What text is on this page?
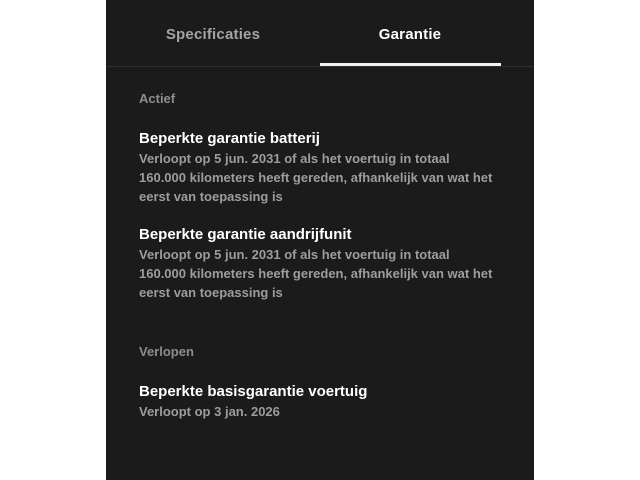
Specificaties	Garantie
Actief
Beperkte garantie batterij
Verloopt op 5 jun. 2031 of als het voertuig in totaal
160.000 kilometers heeft gereden, afhankelijk van wat het
eerst van toepassing is
Beperkte garantie aandrijfunit
Verloopt op 5 jun. 2031 of als het voertuig in totaal
160.000 kilometers heeft gereden, afhankelijk van wat het
eerst van toepassing is
Verlopen
Beperkte basisgarantie voertuig
Verloopt op 3 jan. 2026
